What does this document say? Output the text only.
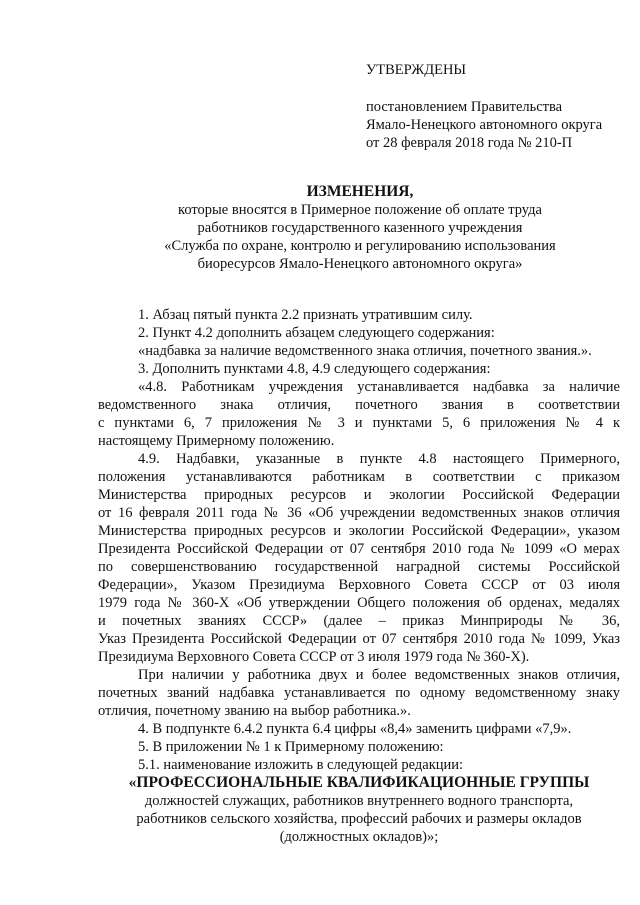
УТВЕРЖДЕНЫ
постановлением Правительства
Ямало-Ненецкого автономного округа
от 28 февраля 2018 года № 210-П
ИЗМЕНЕНИЯ,
которые вносятся в Примерное положение об оплате труда
работников государственного казенного учреждения
«Служба по охране, контролю и регулированию использования
биоресурсов Ямало-Ненецкого автономного округа»
1. Абзац пятый пункта 2.2 признать утратившим силу.
2. Пункт 4.2 дополнить абзацем следующего содержания:
«надбавка за наличие ведомственного знака отличия, почетного звания.».
3. Дополнить пунктами 4.8, 4.9 следующего содержания:
«4.8. Работникам учреждения устанавливается надбавка за наличие
ведомственного знака отличия, почетного звания в соответствии
с пунктами 6, 7 приложения № 3 и пунктами 5, 6 приложения № 4 к
настоящему Примерному положению.
4.9. Надбавки, указанные в пункте 4.8 настоящего Примерного,
положения устанавливаются работникам в соответствии с приказом
Министерства природных ресурсов и экологии Российской Федерации
от 16 февраля 2011 года № 36 «Об учреждении ведомственных знаков отличия
Министерства природных ресурсов и экологии Российской Федерации», указом
Президента Российской Федерации от 07 сентября 2010 года № 1099 «О мерах
по совершенствованию государственной наградной системы Российской
Федерации», Указом Президиума Верховного Совета СССР от 03 июля
1979 года № 360-Х «Об утверждении Общего положения об орденах, медалях
и почетных званиях СССР» (далее – приказ Минприроды № 36,
Указ Президента Российской Федерации от 07 сентября 2010 года № 1099, Указ
Президиума Верховного Совета СССР от 3 июля 1979 года № 360-Х).
При наличии у работника двух и более ведомственных знаков отличия,
почетных званий надбавка устанавливается по одному ведомственному знаку
отличия, почетному званию на выбор работника.».
4. В подпункте 6.4.2 пункта 6.4 цифры «8,4» заменить цифрами «7,9».
5. В приложении № 1 к Примерному положению:
5.1. наименование изложить в следующей редакции:
«ПРОФЕССИОНАЛЬНЫЕ КВАЛИФИКАЦИОННЫЕ ГРУППЫ
должностей служащих, работников внутреннего водного транспорта,
работников сельского хозяйства, профессий рабочих и размеры окладов
(должностных окладов)»;
